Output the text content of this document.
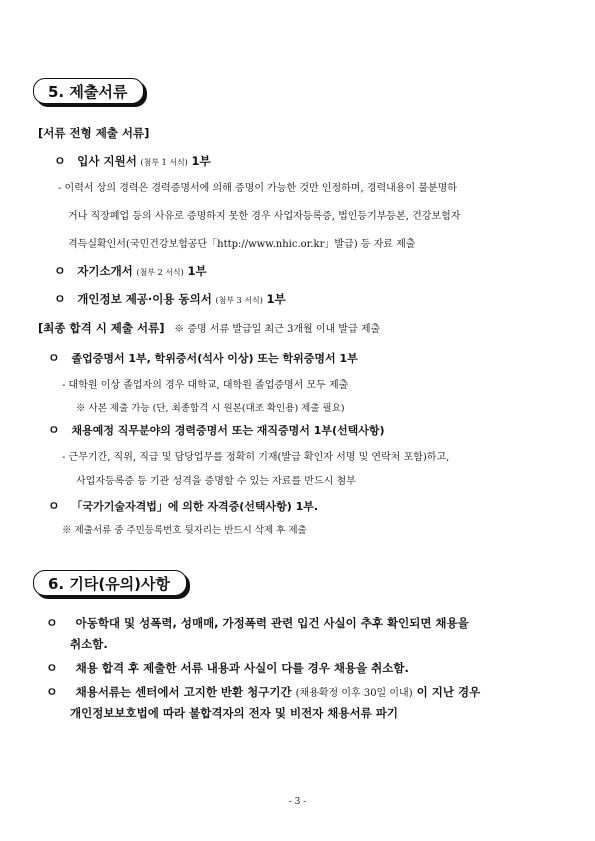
5. 제출서류
[서류 전형 제출 서류]
ㅇ 입사 지원서 (첨부 1 서식) 1부
- 이력서 상의 경력은 경력증명서에 의해 증명이 가능한 것만 인정하며, 경력내용이 불분명하
거나 직장폐업 등의 사유로 증명하지 못한 경우 사업자등록증, 법인등기부등본, 건강보험자
격득실확인서(국민건강보험공단「http://www.nhic.or.kr」발급) 등 자료 제출
ㅇ 자기소개서 (첨부 2 서식) 1부
ㅇ 개인정보 제공·이용 동의서 (첨부 3 서식) 1부
[최종 합격 시 제출 서류] ※ 증명 서류 발급일 최근 3개월 이내 발급 제출
ㅇ 졸업증명서 1부, 학위증서(석사 이상) 또는 학위증명서 1부
- 대학원 이상 졸업자의 경우 대학교, 대학원 졸업증명서 모두 제출
※ 사본 제출 가능 (단, 최종합격 시 원본(대조 확인용) 제출 필요)
ㅇ 채용예정 직무분야의 경력증명서 또는 재직증명서 1부(선택사항)
- 근무기간, 직위, 직급 및 담당업무를 정확히 기재(발급 확인자 서명 및 연락처 포함)하고,
사업자등록증 등 기관 성격을 증명할 수 있는 자료를 반드시 첨부
ㅇ 「국가기술자격법」에 의한 자격증(선택사항) 1부.
※ 제출서류 중 주민등록번호 뒷자리는 반드시 삭제 후 제출
6. 기타(유의)사항
ㅇ 아동학대 및 성폭력, 성매매, 가정폭력 관련 입건 사실이 추후 확인되면 채용을
취소함.
ㅇ 채용 합격 후 제출한 서류 내용과 사실이 다를 경우 채용을 취소함.
ㅇ 채용서류는 센터에서 고지한 반환 청구기간 (채용확정 이후 30일 이내) 이 지난 경우
개인정보보호법에 따라 불합격자의 전자 및 비전자 채용서류 파기
- 3 -
